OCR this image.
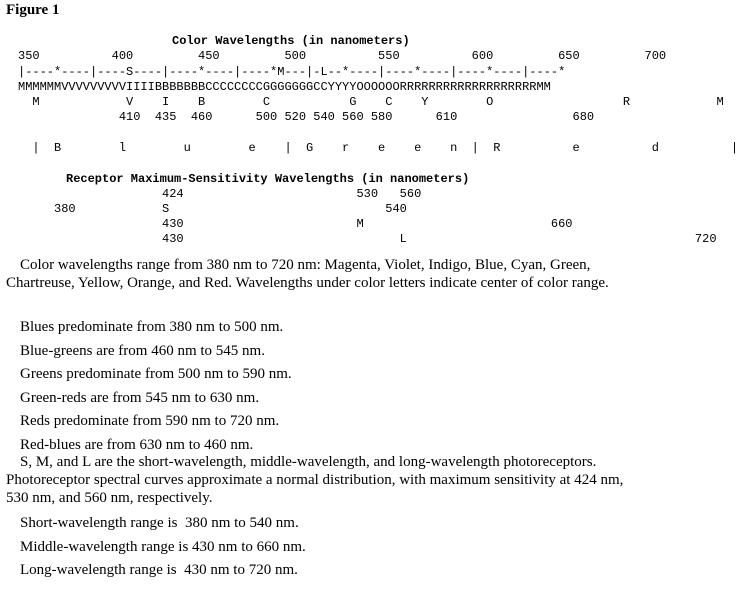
Figure 1
Color Wavelengths (in nanometers)
350          400         450         500          550          600         650         700
|----*----|----S----|----*----|----*M---|-L--*----|----*----|----*----|----*
MMMMMMVVVVVVVVVIIIIBBBBBBBCCCCCCCCGGGGGGGCCYYYYOOOOOORRRRRRRRRRRRRRRRRRRMM
M            V    I    B        C           G    C    Y        O                  R            M
410  435  460      500 520 540 560 580      610                680
|  B        l        u        e    |  G    r    e    e    n  |  R          e          d          |
Receptor Maximum-Sensitivity Wavelengths (in nanometers)
424                        530   560
380            S                              540
430                        M                          660
430                              L                                        720
Color wavelengths range from 380 nm to 720 nm: Magenta, Violet, Indigo, Blue, Cyan, Green, Chartreuse, Yellow, Orange, and Red. Wavelengths under color letters indicate center of color range.
Blues predominate from 380 nm to 500 nm.
Blue-greens are from 460 nm to 545 nm.
Greens predominate from 500 nm to 590 nm.
Green-reds are from 545 nm to 630 nm.
Reds predominate from 590 nm to 720 nm.
Red-blues are from 630 nm to 460 nm.
S, M, and L are the short-wavelength, middle-wavelength, and long-wavelength photoreceptors. Photoreceptor spectral curves approximate a normal distribution, with maximum sensitivity at 424 nm, 530 nm, and 560 nm, respectively.
Short-wavelength range is  380 nm to 540 nm.
Middle-wavelength range is 430 nm to 660 nm.
Long-wavelength range is  430 nm to 720 nm.
